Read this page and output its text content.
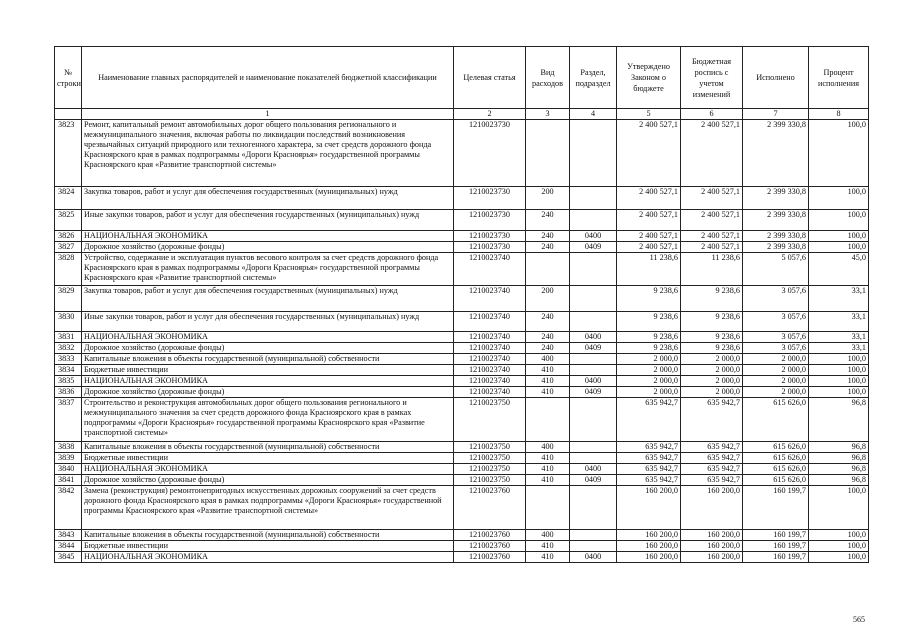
№ строки	Наименование главных распорядителей и наименование показателей бюджетной классификации	Целевая статья	Вид расходов	Раздел, подраздел	Утверждено Законом о бюджете	Бюджетная роспись с учетом изменений	Исполнено	Процент исполнения
	1	2	3	4	5	6	7	8
3823	Ремонт, капитальный ремонт автомобильных дорог общего пользования регионального и межмуниципального значения, включая работы по ликвидации последствий возникновения чрезвычайных ситуаций природного или техногенного характера, за счет средств дорожного фонда Красноярского края в рамках подпрограммы «Дороги Красноярья» государственной программы Красноярского края «Развитие транспортной системы»	1210023730			2 400 527,1	2 400 527,1	2 399 330,8	100,0
3824	Закупка товаров, работ и услуг для обеспечения государственных (муниципальных) нужд	1210023730	200		2 400 527,1	2 400 527,1	2 399 330,8	100,0
3825	Иные закупки товаров, работ и услуг для обеспечения государственных (муниципальных) нужд	1210023730	240		2 400 527,1	2 400 527,1	2 399 330,8	100,0
3826	НАЦИОНАЛЬНАЯ ЭКОНОМИКА	1210023730	240	0400	2 400 527,1	2 400 527,1	2 399 330,8	100,0
3827	Дорожное хозяйство (дорожные фонды)	1210023730	240	0409	2 400 527,1	2 400 527,1	2 399 330,8	100,0
3828	Устройство, содержание и эксплуатация пунктов весового контроля за счет средств дорожного фонда Красноярского края в рамках подпрограммы «Дороги Красноярья» государственной программы Красноярского края «Развитие транспортной системы»	1210023740			11 238,6	11 238,6	5 057,6	45,0
3829	Закупка товаров, работ и услуг для обеспечения государственных (муниципальных) нужд	1210023740	200		9 238,6	9 238,6	3 057,6	33,1
3830	Иные закупки товаров, работ и услуг для обеспечения государственных (муниципальных) нужд	1210023740	240		9 238,6	9 238,6	3 057,6	33,1
3831	НАЦИОНАЛЬНАЯ ЭКОНОМИКА	1210023740	240	0400	9 238,6	9 238,6	3 057,6	33,1
3832	Дорожное хозяйство (дорожные фонды)	1210023740	240	0409	9 238,6	9 238,6	3 057,6	33,1
3833	Капитальные вложения в объекты государственной (муниципальной) собственности	1210023740	400		2 000,0	2 000,0	2 000,0	100,0
3834	Бюджетные инвестиции	1210023740	410		2 000,0	2 000,0	2 000,0	100,0
3835	НАЦИОНАЛЬНАЯ ЭКОНОМИКА	1210023740	410	0400	2 000,0	2 000,0	2 000,0	100,0
3836	Дорожное хозяйство (дорожные фонды)	1210023740	410	0409	2 000,0	2 000,0	2 000,0	100,0
3837	Строительство и реконструкция автомобильных дорог общего пользования регионального и межмуниципального значения за счет средств дорожного фонда Красноярского края в рамках подпрограммы «Дороги Красноярья» государственной программы Красноярского края «Развитие транспортной системы»	1210023750			635 942,7	635 942,7	615 626,0	96,8
3838	Капитальные вложения в объекты государственной (муниципальной) собственности	1210023750	400		635 942,7	635 942,7	615 626,0	96,8
3839	Бюджетные инвестиции	1210023750	410		635 942,7	635 942,7	615 626,0	96,8
3840	НАЦИОНАЛЬНАЯ ЭКОНОМИКА	1210023750	410	0400	635 942,7	635 942,7	615 626,0	96,8
3841	Дорожное хозяйство (дорожные фонды)	1210023750	410	0409	635 942,7	635 942,7	615 626,0	96,8
3842	Замена (реконструкция) ремонтонепригодных искусственных дорожных сооружений за счет средств дорожного фонда Красноярского края в рамках подпрограммы «Дороги Красноярья» государственной программы Красноярского края «Развитие транспортной системы»	1210023760			160 200,0	160 200,0	160 199,7	100,0
3843	Капитальные вложения в объекты государственной (муниципальной) собственности	1210023760	400		160 200,0	160 200,0	160 199,7	100,0
3844	Бюджетные инвестиции	1210023760	410		160 200,0	160 200,0	160 199,7	100,0
3845	НАЦИОНАЛЬНАЯ ЭКОНОМИКА	1210023760	410	0400	160 200,0	160 200,0	160 199,7	100,0
565
